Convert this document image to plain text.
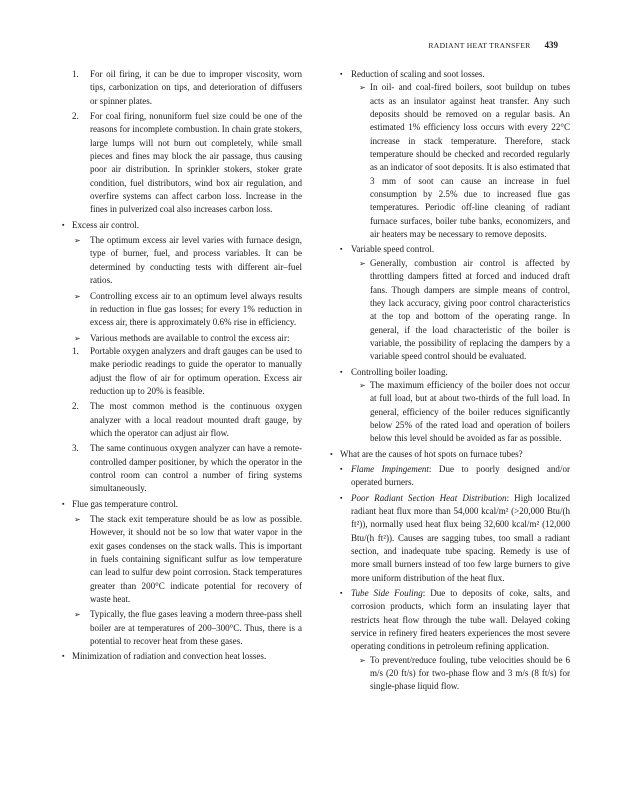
RADIANT HEAT TRANSFER 439
1. For oil firing, it can be due to improper viscosity, worn tips, carbonization on tips, and deterioration of diffusers or spinner plates.
2. For coal firing, nonuniform fuel size could be one of the reasons for incomplete combustion. In chain grate stokers, large lumps will not burn out completely, while small pieces and fines may block the air passage, thus causing poor air distribution. In sprinkler stokers, stoker grate condition, fuel distributors, wind box air regulation, and overfire systems can affect carbon loss. Increase in the fines in pulverized coal also increases carbon loss.
▪ Excess air control.
➢ The optimum excess air level varies with furnace design, type of burner, fuel, and process variables. It can be determined by conducting tests with different air–fuel ratios.
➢ Controlling excess air to an optimum level always results in reduction in flue gas losses; for every 1% reduction in excess air, there is approximately 0.6% rise in efficiency.
➢ Various methods are available to control the excess air:
1. Portable oxygen analyzers and draft gauges can be used to make periodic readings to guide the operator to manually adjust the flow of air for optimum operation. Excess air reduction up to 20% is feasible.
2. The most common method is the continuous oxygen analyzer with a local readout mounted draft gauge, by which the operator can adjust air flow.
3. The same continuous oxygen analyzer can have a remote-controlled damper positioner, by which the operator in the control room can control a number of firing systems simultaneously.
▪ Flue gas temperature control.
➢ The stack exit temperature should be as low as possible. However, it should not be so low that water vapor in the exit gases condenses on the stack walls. This is important in fuels containing significant sulfur as low temperature can lead to sulfur dew point corrosion. Stack temperatures greater than 200°C indicate potential for recovery of waste heat.
➢ Typically, the flue gases leaving a modern three-pass shell boiler are at temperatures of 200–300°C. Thus, there is a potential to recover heat from these gases.
▪ Minimization of radiation and convection heat losses.
▪ Reduction of scaling and soot losses.
➢ In oil- and coal-fired boilers, soot buildup on tubes acts as an insulator against heat transfer. Any such deposits should be removed on a regular basis. An estimated 1% efficiency loss occurs with every 22°C increase in stack temperature. Therefore, stack temperature should be checked and recorded regularly as an indicator of soot deposits. It is also estimated that 3 mm of soot can cause an increase in fuel consumption by 2.5% due to increased flue gas temperatures. Periodic off-line cleaning of radiant furnace surfaces, boiler tube banks, economizers, and air heaters may be necessary to remove deposits.
▪ Variable speed control.
➢ Generally, combustion air control is affected by throttling dampers fitted at forced and induced draft fans. Though dampers are simple means of control, they lack accuracy, giving poor control characteristics at the top and bottom of the operating range. In general, if the load characteristic of the boiler is variable, the possibility of replacing the dampers by a variable speed control should be evaluated.
▪ Controlling boiler loading.
➢ The maximum efficiency of the boiler does not occur at full load, but at about two-thirds of the full load. In general, efficiency of the boiler reduces significantly below 25% of the rated load and operation of boilers below this level should be avoided as far as possible.
• What are the causes of hot spots on furnace tubes?
▪ Flame Impingement: Due to poorly designed and/or operated burners.
▪ Poor Radiant Section Heat Distribution: High localized radiant heat flux more than 54,000 kcal/m² (>20,000 Btu/(h ft²)), normally used heat flux being 32,600 kcal/m² (12,000 Btu/(h ft²)). Causes are sagging tubes, too small a radiant section, and inadequate tube spacing. Remedy is use of more small burners instead of too few large burners to give more uniform distribution of the heat flux.
▪ Tube Side Fouling: Due to deposits of coke, salts, and corrosion products, which form an insulating layer that restricts heat flow through the tube wall. Delayed coking service in refinery fired heaters experiences the most severe operating conditions in petroleum refining application.
➢ To prevent/reduce fouling, tube velocities should be 6 m/s (20 ft/s) for two-phase flow and 3 m/s (8 ft/s) for single-phase liquid flow.
